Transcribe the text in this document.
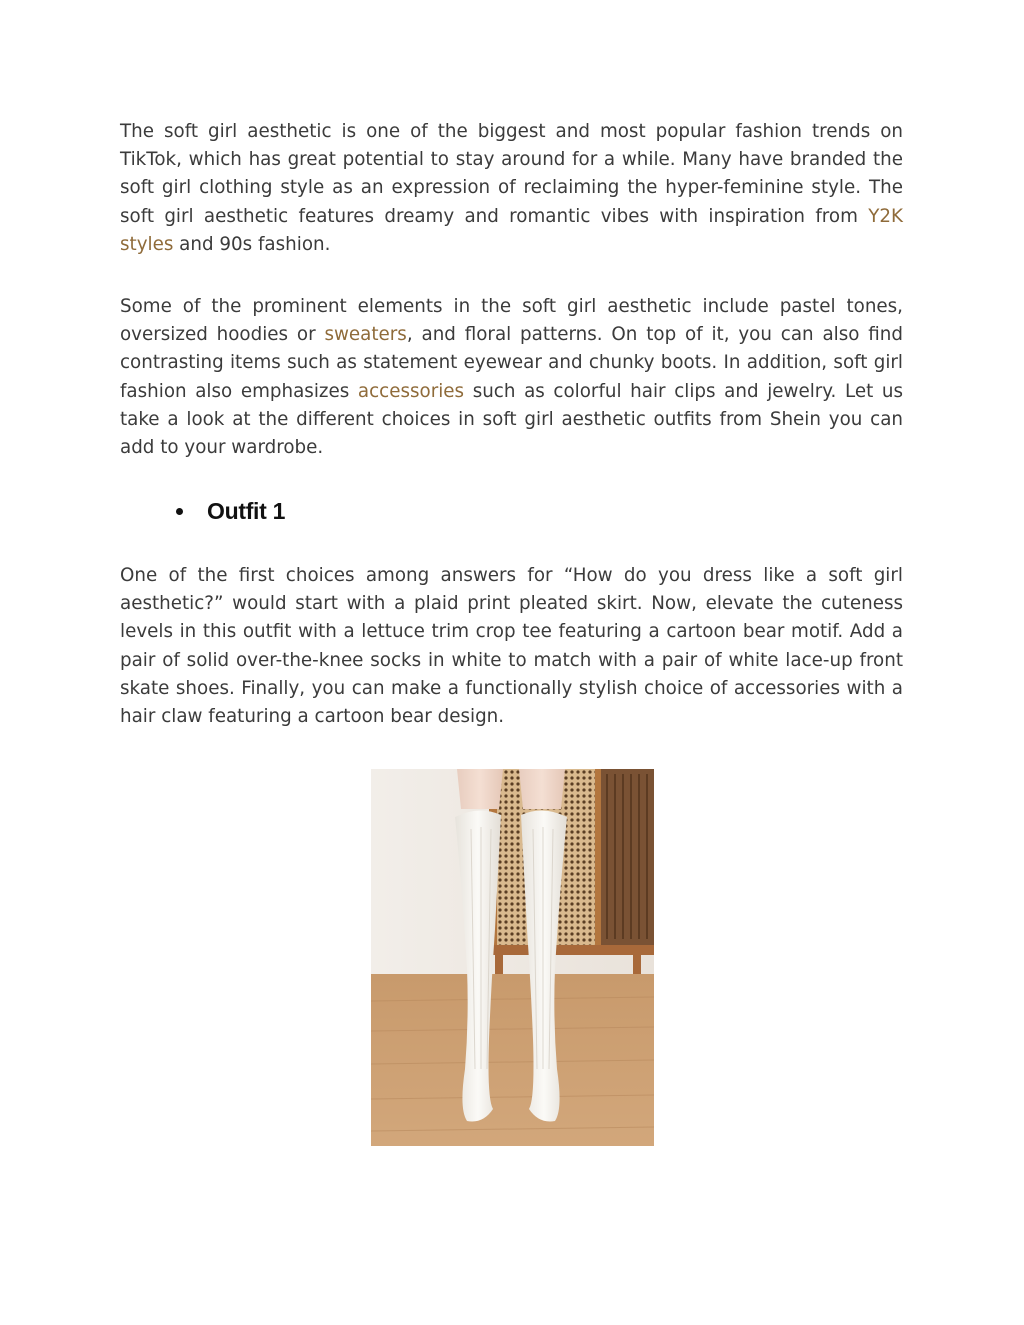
The soft girl aesthetic is one of the biggest and most popular fashion trends on TikTok, which has great potential to stay around for a while. Many have branded the soft girl clothing style as an expression of reclaiming the hyper-feminine style. The soft girl aesthetic features dreamy and romantic vibes with inspiration from Y2K styles and 90s fashion.

Some of the prominent elements in the soft girl aesthetic include pastel tones, oversized hoodies or sweaters, and floral patterns. On top of it, you can also find contrasting items such as statement eyewear and chunky boots. In addition, soft girl fashion also emphasizes accessories such as colorful hair clips and jewelry. Let us take a look at the different choices in soft girl aesthetic outfits from Shein you can add to your wardrobe.

Outfit 1

One of the first choices among answers for “How do you dress like a soft girl aesthetic?” would start with a plaid print pleated skirt. Now, elevate the cuteness levels in this outfit with a lettuce trim crop tee featuring a cartoon bear motif. Add a pair of solid over-the-knee socks in white to match with a pair of white lace-up front skate shoes. Finally, you can make a functionally stylish choice of accessories with a hair claw featuring a cartoon bear design.
